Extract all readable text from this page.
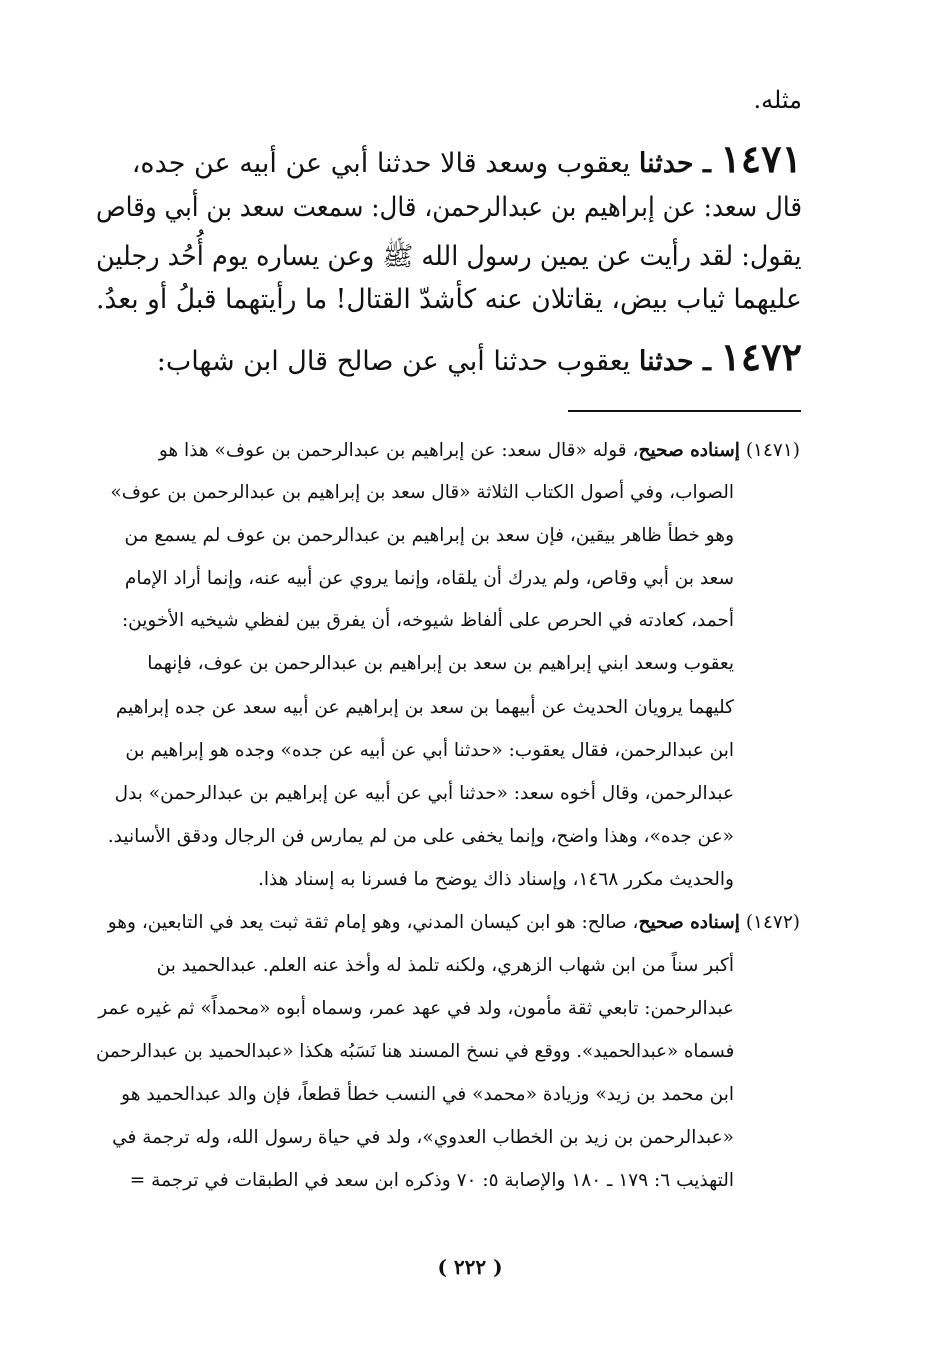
مثله.
١٤٧١ ـ حدثنا يعقوب وسعد قالا حدثنا أبي عن أبيه عن جده،
قال سعد: عن إبراهيم بن عبدالرحمن، قال: سمعت سعد بن أبي وقاص
يقول: لقد رأيت عن يمين رسول الله ﷺ وعن يساره يوم أُحُد رجلين
عليهما ثياب بيض، يقاتلان عنه كأشدّ القتال! ما رأيتهما قبلُ أو بعدُ.
١٤٧٢ ـ حدثنا يعقوب حدثنا أبي عن صالح قال ابن شهاب:
(١٤٧١) إسناده صحيح، قوله «قال سعد: عن إبراهيم بن عبدالرحمن بن عوف» هذا هو
الصواب، وفي أصول الكتاب الثلاثة «قال سعد بن إبراهيم بن عبدالرحمن بن عوف»
وهو خطأ ظاهر بيقين، فإن سعد بن إبراهيم بن عبدالرحمن بن عوف لم يسمع من
سعد بن أبي وقاص، ولم يدرك أن يلقاه، وإنما يروي عن أبيه عنه، وإنما أراد الإمام
أحمد، كعادته في الحرص على ألفاظ شيوخه، أن يفرق بين لفظي شيخيه الأخوين:
يعقوب وسعد ابني إبراهيم بن سعد بن إبراهيم بن عبدالرحمن بن عوف، فإنهما
كليهما يرويان الحديث عن أبيهما بن سعد بن إبراهيم عن أبيه سعد عن جده إبراهيم
ابن عبدالرحمن، فقال يعقوب: «حدثنا أبي عن أبيه عن جده» وجده هو إبراهيم بن
عبدالرحمن، وقال أخوه سعد: «حدثنا أبي عن أبيه عن إبراهيم بن عبدالرحمن» بدل
«عن جده»، وهذا واضح، وإنما يخفى على من لم يمارس فن الرجال ودقق الأسانيد.
والحديث مكرر ١٤٦٨، وإسناد ذاك يوضح ما فسرنا به إسناد هذا.
(١٤٧٢) إسناده صحيح، صالح: هو ابن كيسان المدني، وهو إمام ثقة ثبت يعد في التابعين، وهو
أكبر سناً من ابن شهاب الزهري، ولكنه تلمذ له وأخذ عنه العلم. عبدالحميد بن
عبدالرحمن: تابعي ثقة مأمون، ولد في عهد عمر، وسماه أبوه «محمداً» ثم غيره عمر
فسماه «عبدالحميد». ووقع في نسخ المسند هنا نَسَبُه هكذا «عبدالحميد بن عبدالرحمن
ابن محمد بن زيد» وزيادة «محمد» في النسب خطأ قطعاً، فإن والد عبدالحميد هو
«عبدالرحمن بن زيد بن الخطاب العدوي»، ولد في حياة رسول الله، وله ترجمة في
التهذيب ٦: ١٧٩ ـ ١٨٠ والإصابة ٥: ٧٠ وذكره ابن سعد في الطبقات في ترجمة =
( ٢٢٢ )
